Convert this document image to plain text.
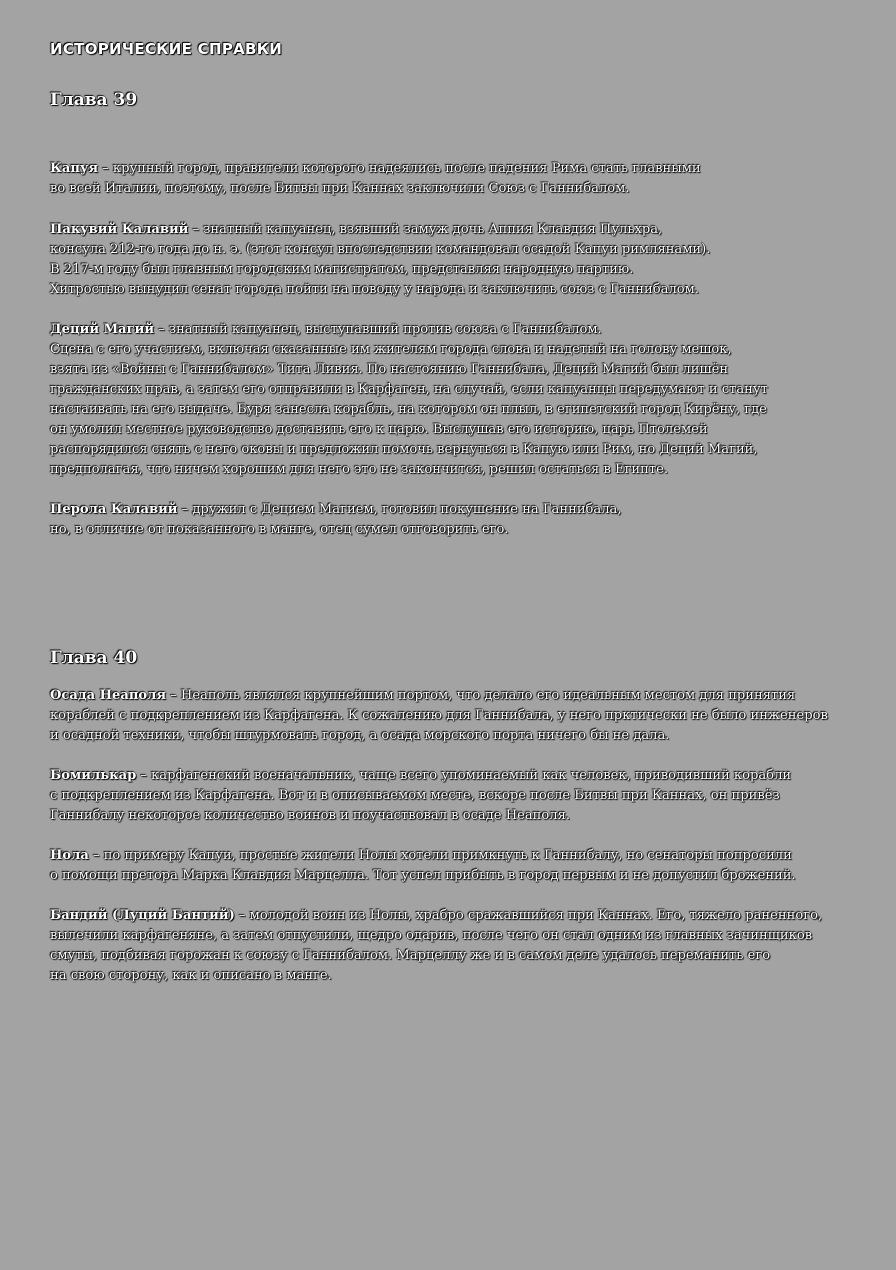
ИСТОРИЧЕСКИЕ СПРАВКИ
Глава 39
Капуя – крупный город, правители которого надеялись после падения Рима стать главными
во всей Италии, поэтому, после Битвы при Каннах заключили Союз с Ганнибалом.
Пакувий Калавий – знатный капуанец, взявший замуж дочь Аппия Клавдия Пульхра,
консула 212-го года до н. э. (этот консул впоследствии командовал осадой Капуи римлянами).
В 217-м году был главным городским магистратом, представляя народную партию.
Хитростью вынудил сенат города пойти на поводу у народа и заключить союз с Ганнибалом.
Деций Магий – знатный капуанец, выступавший против союза с Ганнибалом.
Сцена с его участием, включая сказанные им жителям города слова и надетый на голову мешок,
взята из «Войны с Ганнибалом» Тита Ливия. По настоянию Ганнибала, Деций Магий был лишён
гражданских прав, а затем его отправили в Карфаген, на случай, если капуанцы передумают и станут
настаивать на его выдаче. Буря занесла корабль, на котором он плыл, в египетский город Кирёну, где
он умолил местное руководство доставить его к царю. Выслушав его историю, царь Птолемей
распорядился снять с него оковы и предложил помочь вернуться в Капую или Рим, но Деций Магий,
предполагая, что ничем хорошим для него это не закончится, решил остаться в Египте.
Перола Калавий – дружил с Децием Магием, готовил покушение на Ганнибала,
но, в отличие от показанного в манге, отец сумел отговорить его.
Глава 40
Осада Неаполя – Неаполь являлся крупнейшим портом, что делало его идеальным местом для принятия
кораблей с подкреплением из Карфагена. К сожалению для Ганнибала, у него прктически не было инженеров
и осадной техники, чтобы штурмовать город, а осада морского порта ничего бы не дала.
Бомилькар – карфагенский военачальник, чаще всего упоминаемый как человек, приводивший корабли
с подкреплением из Карфагена. Вот и в описываемом месте, вскоре после Битвы при Каннах, он привёз
Ганнибалу некоторое количество воинов и поучаствовал в осаде Неаполя.
Нола – по примеру Капуи, простые жители Нолы хотели примкнуть к Ганнибалу, но сенаторы попросили
о помощи претора Марка Клавдия Марцелла. Тот успел прибыть в город первым и не допустил брожений.
Бандий (Луций Бантий) – молодой воин из Нолы, храбро сражавшийся при Каннах. Его, тяжело раненного,
вылечили карфагеняне, а затем отпустили, щедро одарив, после чего он стал одним из главных зачинщиков
смуты, подбивая горожан к союзу с Ганнибалом. Марцеллу же и в самом деле удалось переманить его
на свою сторону, как и описано в манге.
